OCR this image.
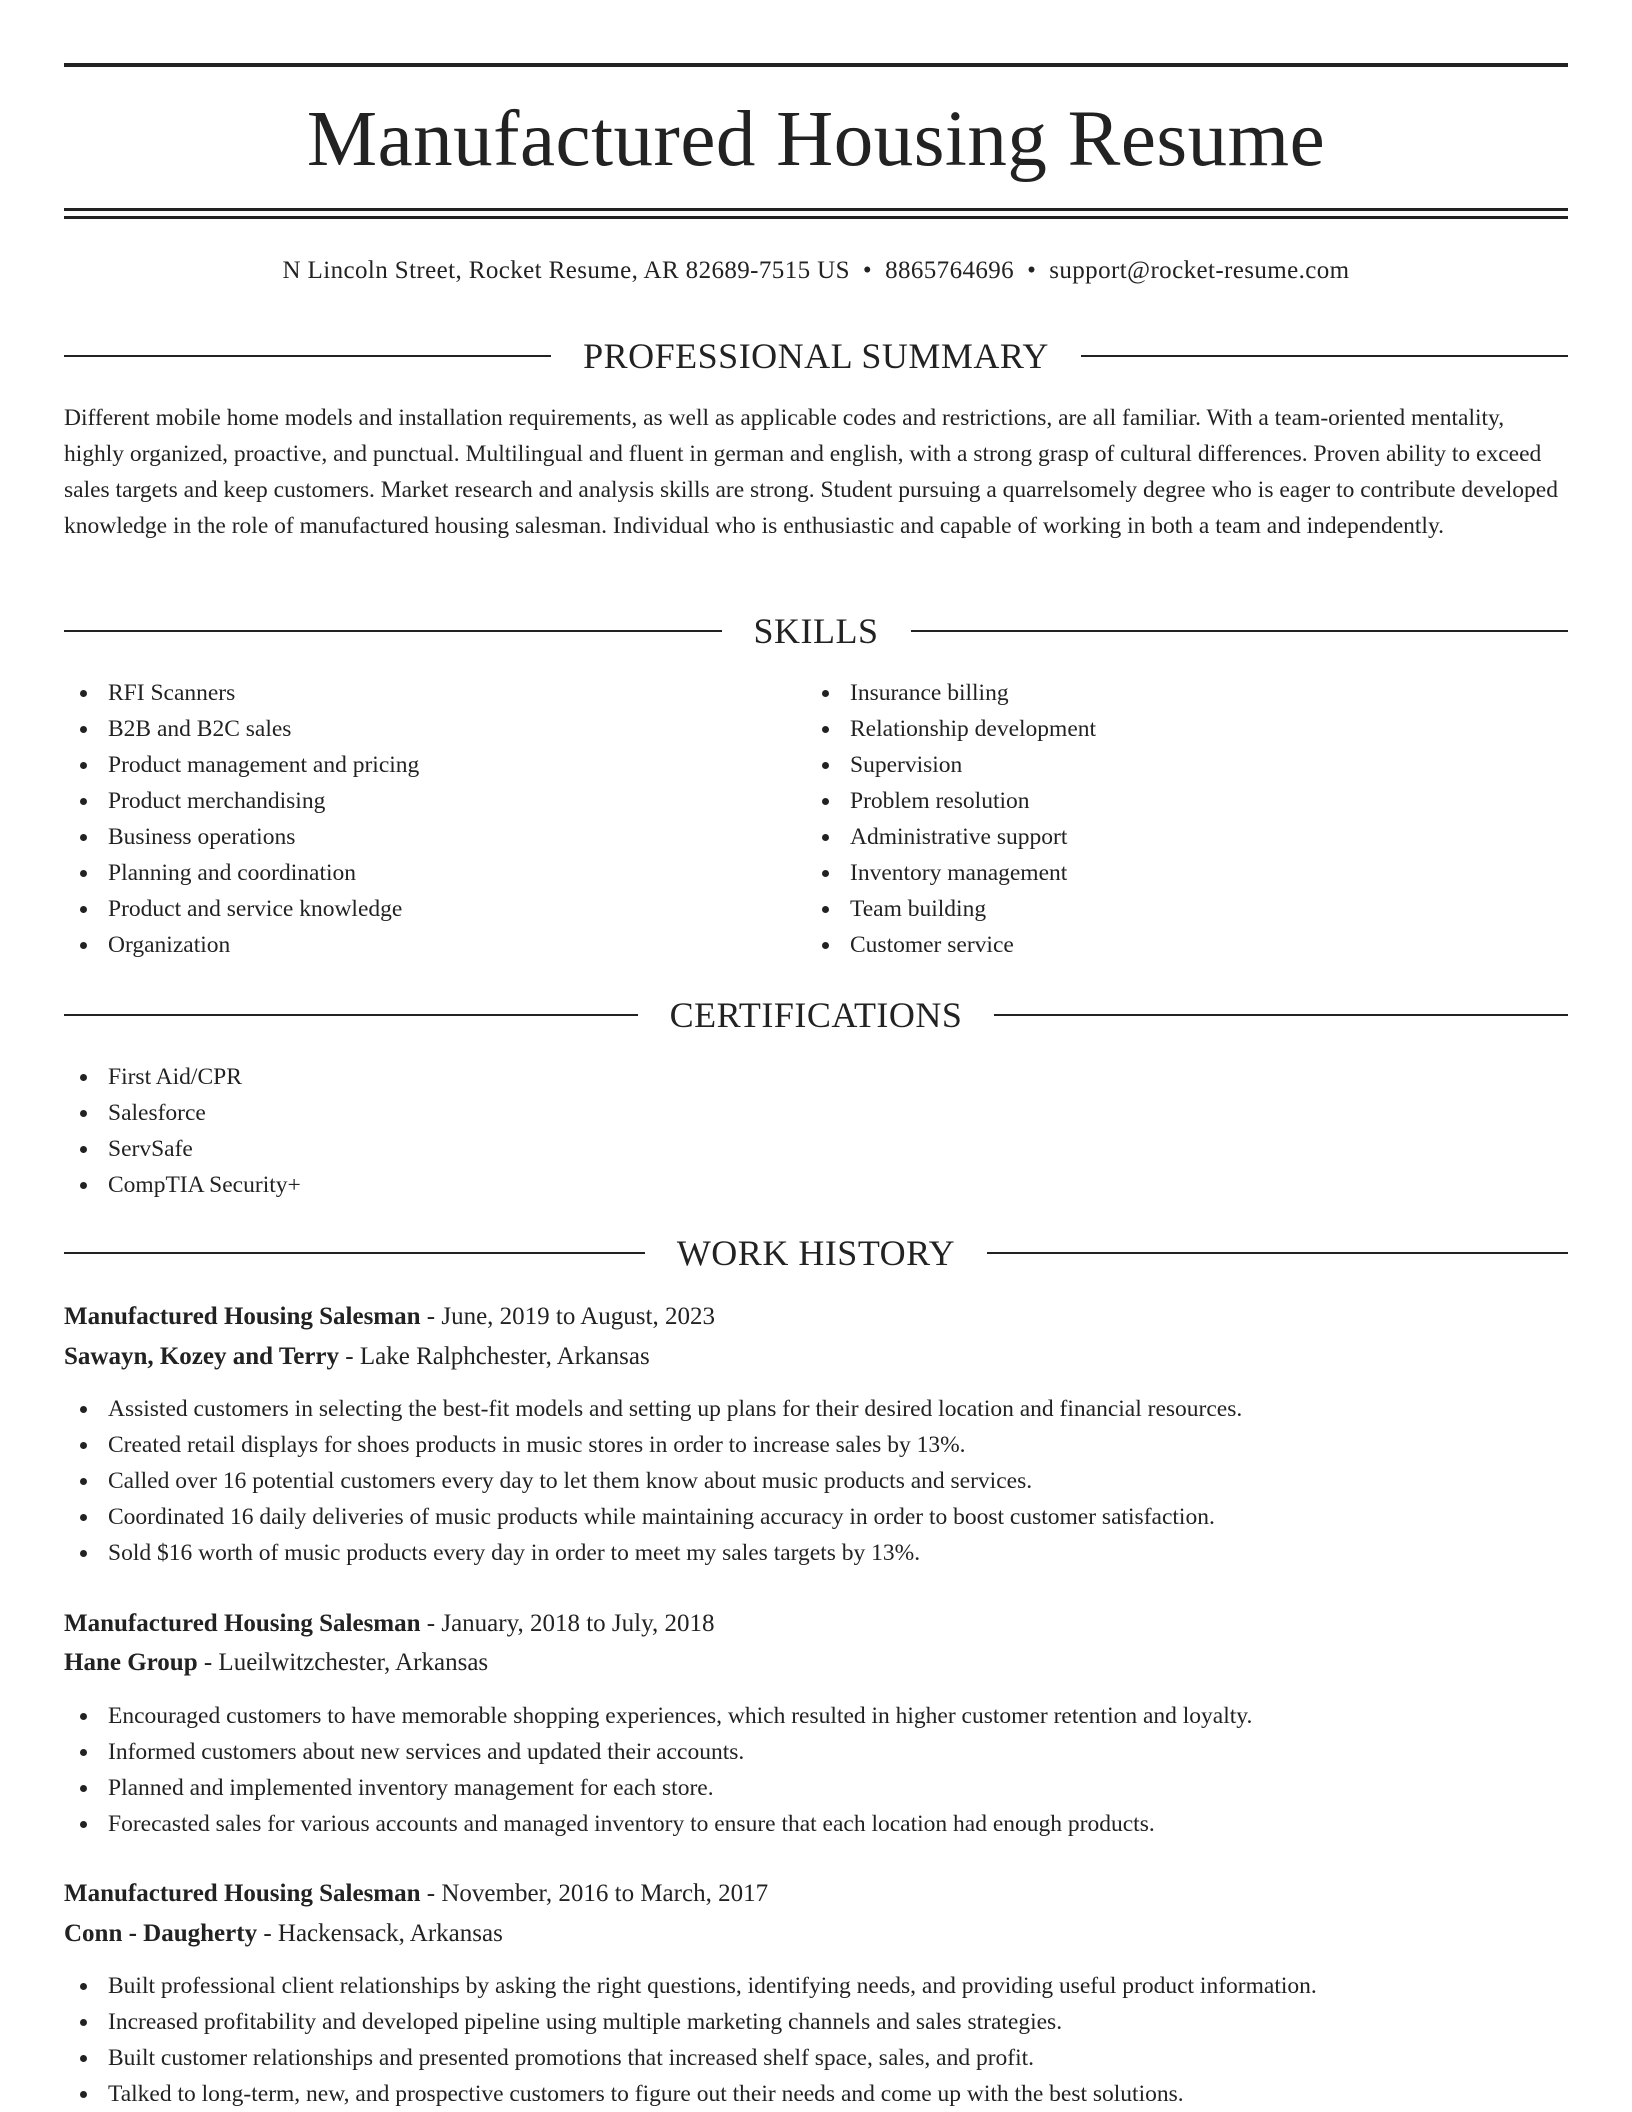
Manufactured Housing Resume
N Lincoln Street, Rocket Resume, AR 82689-7515 US • 8865764696 • support@rocket-resume.com
PROFESSIONAL SUMMARY

Different mobile home models and installation requirements, as well as applicable codes and restrictions, are all familiar. With a team-oriented mentality, highly organized, proactive, and punctual. Multilingual and fluent in german and english, with a strong grasp of cultural differences. Proven ability to exceed sales targets and keep customers. Market research and analysis skills are strong. Student pursuing a quarrelsomely degree who is eager to contribute developed knowledge in the role of manufactured housing salesman. Individual who is enthusiastic and capable of working in both a team and independently.

SKILLS
RFI Scanners
B2B and B2C sales
Product management and pricing
Product merchandising
Business operations
Planning and coordination
Product and service knowledge
Organization
Insurance billing
Relationship development
Supervision
Problem resolution
Administrative support
Inventory management
Team building
Customer service
CERTIFICATIONS
First Aid/CPR
Salesforce
ServSafe
CompTIA Security+
WORK HISTORY
Manufactured Housing Salesman - June, 2019 to August, 2023
Sawayn, Kozey and Terry - Lake Ralphchester, Arkansas
Assisted customers in selecting the best-fit models and setting up plans for their desired location and financial resources.
Created retail displays for shoes products in music stores in order to increase sales by 13%.
Called over 16 potential customers every day to let them know about music products and services.
Coordinated 16 daily deliveries of music products while maintaining accuracy in order to boost customer satisfaction.
Sold $16 worth of music products every day in order to meet my sales targets by 13%.
Manufactured Housing Salesman - January, 2018 to July, 2018
Hane Group - Lueilwitzchester, Arkansas
Encouraged customers to have memorable shopping experiences, which resulted in higher customer retention and loyalty.
Informed customers about new services and updated their accounts.
Planned and implemented inventory management for each store.
Forecasted sales for various accounts and managed inventory to ensure that each location had enough products.
Manufactured Housing Salesman - November, 2016 to March, 2017
Conn - Daugherty - Hackensack, Arkansas
Built professional client relationships by asking the right questions, identifying needs, and providing useful product information.
Increased profitability and developed pipeline using multiple marketing channels and sales strategies.
Built customer relationships and presented promotions that increased shelf space, sales, and profit.
Talked to long-term, new, and prospective customers to figure out their needs and come up with the best solutions.
